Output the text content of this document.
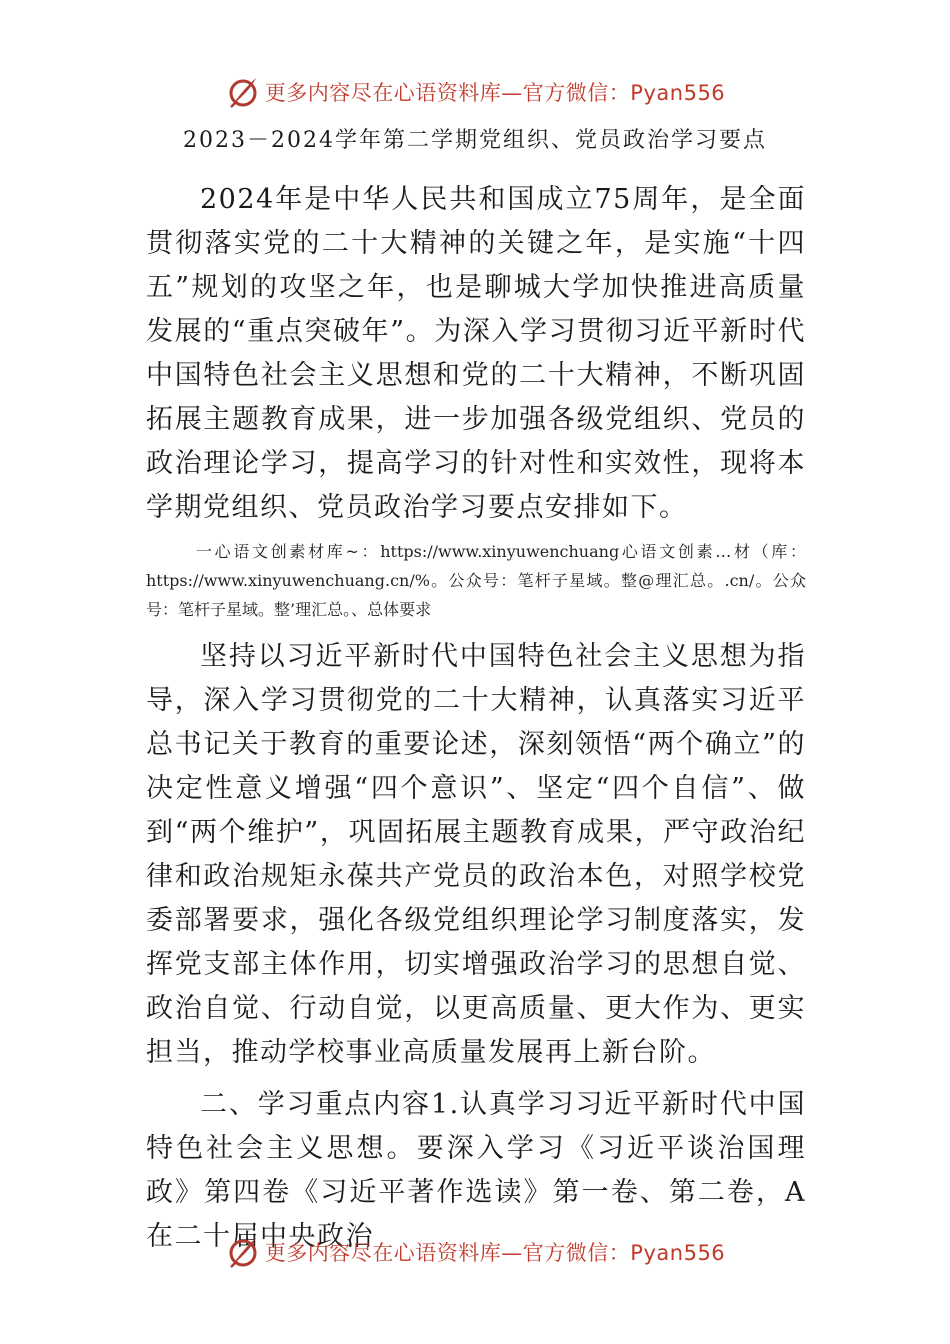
更多内容尽在心语资料库—官方微信：Pyan556
2023－2024学年第二学期党组织、党员政治学习要点

2024年是中华人民共和国成立75周年，是全面贯彻落实党的二十大精神的关键之年，是实施“十四五”规划的攻坚之年，也是聊城大学加快推进高质量发展的“重点突破年”。为深入学习贯彻习近平新时代中国特色社会主义思想和党的二十大精神，不断巩固拓展主题教育成果，进一步加强各级党组织、党员的政治理论学习，提高学习的针对性和实效性，现将本学期党组织、党员政治学习要点安排如下。

一心语文创素材库~：https://www.xinyuwenchuang心语文创素…材（库：https://www.xinyuwenchuang.cn/%。公众号：笔杆子星域。整@理汇总。.cn/。公众号：笔杆子星域。整’理汇总。、总体要求

坚持以习近平新时代中国特色社会主义思想为指导，深入学习贯彻党的二十大精神，认真落实习近平总书记关于教育的重要论述，深刻领悟“两个确立”的决定性意义增强“四个意识”、坚定“四个自信”、做到“两个维护”，巩固拓展主题教育成果，严守政治纪律和政治规矩永葆共产党员的政治本色，对照学校党委部署要求，强化各级党组织理论学习制度落实，发挥党支部主体作用，切实增强政治学习的思想自觉、政治自觉、行动自觉，以更高质量、更大作为、更实担当，推动学校事业高质量发展再上新台阶。

二、学习重点内容1.认真学习习近平新时代中国特色社会主义思想。要深入学习《习近平谈治国理政》第四卷《习近平著作选读》第一卷、第二卷，A在二十届中央政治

更多内容尽在心语资料库—官方微信：Pyan556
